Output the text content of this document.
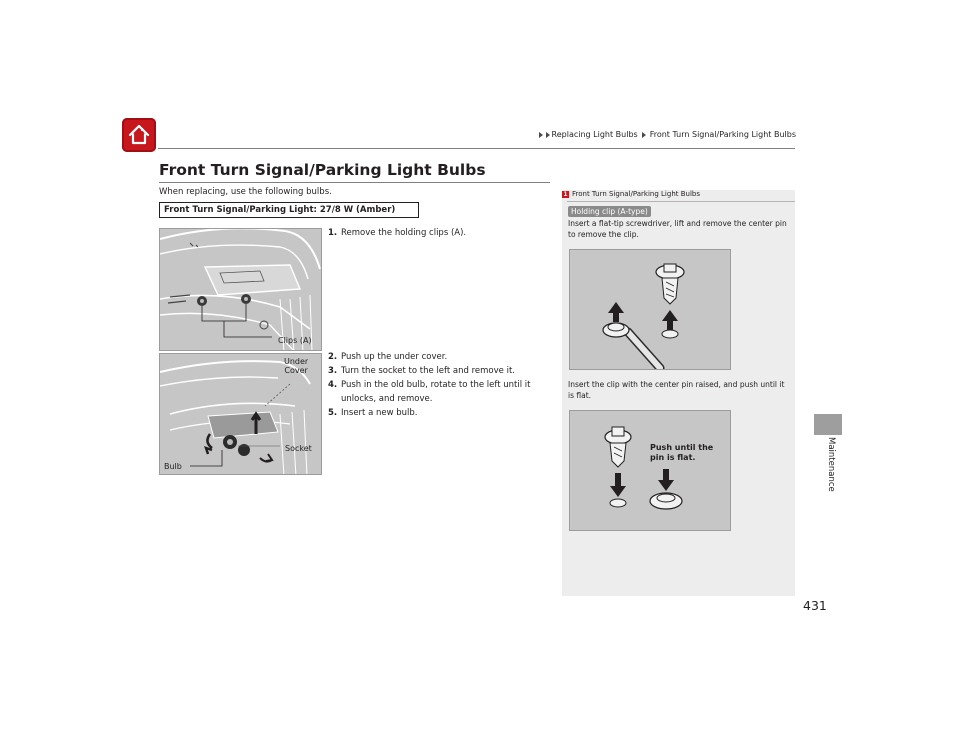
Replacing Light Bulbs Front Turn Signal/Parking Light Bulbs
Maintenance
431
Front Turn Signal/Parking Light Bulbs
When replacing, use the following bulbs.
Front Turn Signal/Parking Light: 27/8 W (Amber)
Clips (A)
Under
Cover
Socket
Bulb
1. Remove the holding clips (A).
2. Push up the under cover.
3. Turn the socket to the left and remove it.
4. Push in the old bulb, rotate to the left until it unlocks, and remove.
5. Insert a new bulb.
1 Front Turn Signal/Parking Light Bulbs
Holding clip (A-type)
Insert a flat-tip screwdriver, lift and remove the center pin to remove the clip.
Insert the clip with the center pin raised, and push until it is flat.
Push until the
pin is flat.
